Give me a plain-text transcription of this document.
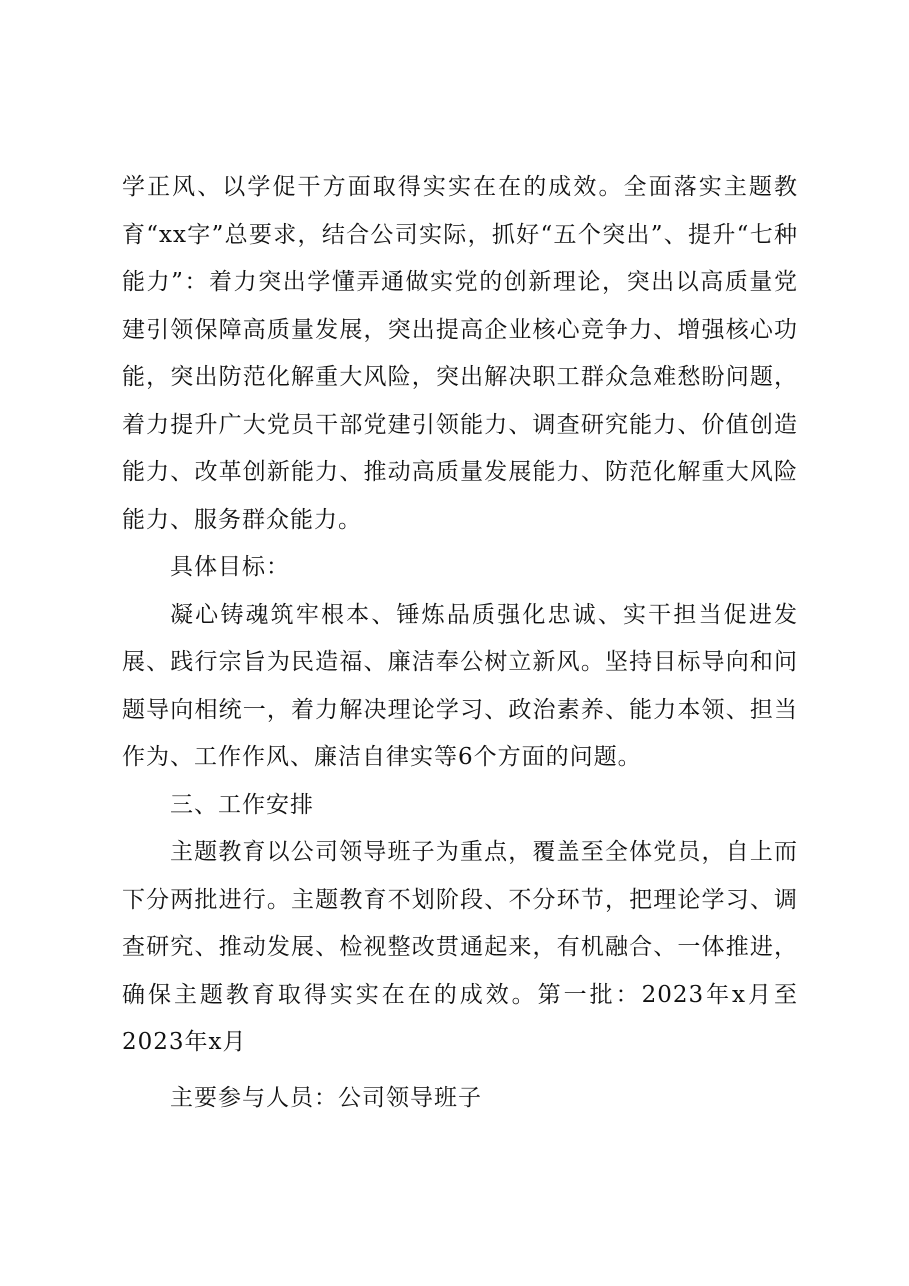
学正风、以学促干方面取得实实在在的成效。全面落实主题教育“xx字”总要求，结合公司实际，抓好“五个突出”、提升“七种能力”：着力突出学懂弄通做实党的创新理论，突出以高质量党建引领保障高质量发展，突出提高企业核心竞争力、增强核心功能，突出防范化解重大风险，突出解决职工群众急难愁盼问题，着力提升广大党员干部党建引领能力、调查研究能力、价值创造能力、改革创新能力、推动高质量发展能力、防范化解重大风险能力、服务群众能力。

具体目标：

凝心铸魂筑牢根本、锤炼品质强化忠诚、实干担当促进发展、践行宗旨为民造福、廉洁奉公树立新风。坚持目标导向和问题导向相统一，着力解决理论学习、政治素养、能力本领、担当作为、工作作风、廉洁自律实等6个方面的问题。

三、工作安排

主题教育以公司领导班子为重点，覆盖至全体党员，自上而下分两批进行。主题教育不划阶段、不分环节，把理论学习、调查研究、推动发展、检视整改贯通起来，有机融合、一体推进，确保主题教育取得实实在在的成效。第一批：2023年x月至2023年x月

主要参与人员：公司领导班子
